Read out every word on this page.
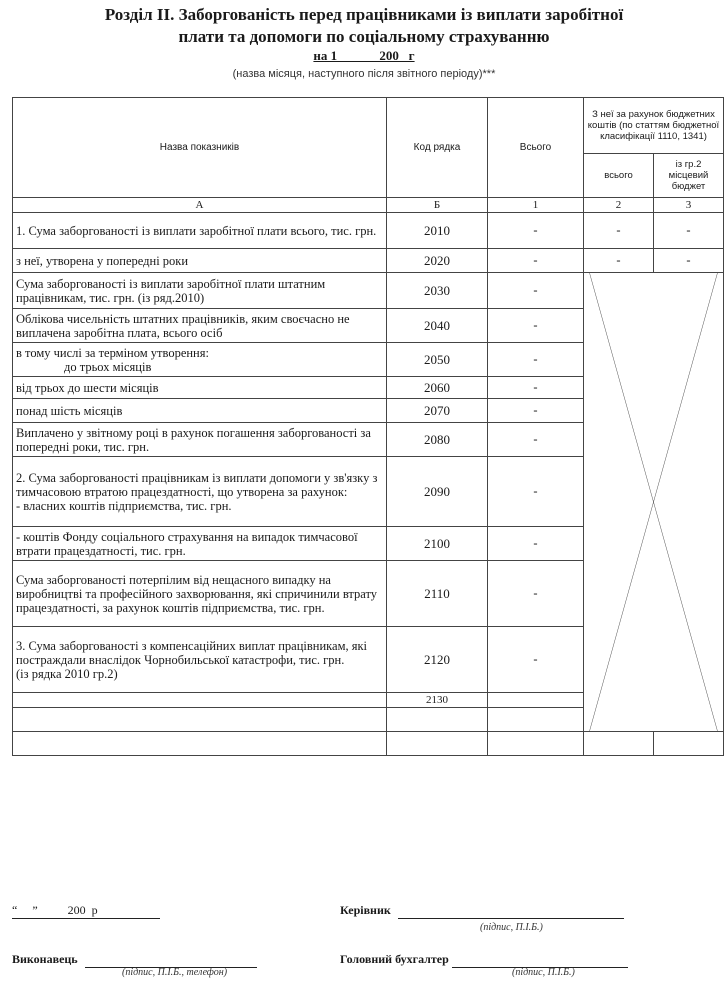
Розділ II. Заборгованість перед працівниками із виплати заробітної
плати та допомоги по соціальному страхуванню
на 1 ______200 _г
(назва місяця, наступного після звітного періоду)***
Назва показників	Код рядка	Всього	З неї за рахунок бюджетних коштів (по статтям бюджетної класифікації 1110, 1341)		
			всього	із гр.2 місцевий бюджет	
А	Б	1	2	3	
1. Сума заборгованості із виплати заробітної плати всього, тис. грн.	2010	-	-	-	
з неї, утворена у попередні роки	2020	-	-	-	
Сума заборгованості із виплати заробітної плати штатним працівникам, тис. грн. (із ряд.2010)	2030	-	

Облікова чисельність штатних працівників, яким своєчасно не виплачена заробітна плата, всього осіб	2040	-			

в тому числі за терміном утворення:
до трьох місяців	2050	-			
від трьох до шести місяців	2060	-			
понад шість місяців	2070	-			
Виплачено у звітному році в рахунок погашення заборгованості за попередні роки, тис. грн.	2080	-			

2. Сума заборгованості працівникам із виплати допомоги у зв'язку з тимчасовою втратою працездатності, що утворена за рахунок:
- власних коштів підприємства, тис. грн.	2090	-			
- коштів Фонду соціального страхування на випадок тимчасової втрати працездатності, тис. грн.	2100	-			
Сума заборгованості потерпілим від нещасного випадку на виробництві та професійного захворювання, які спричинили втрату працездатності, за рахунок коштів підприємства, тис. грн.	2110	-			

3. Сума заборгованості з компенсаційних виплат працівникам, які постраждали внаслідок Чорнобильської катастрофи, тис. грн.
(із рядка 2010 гр.2)	2120	-			
	2130				

“     ”          200  р	Керівник
(підпис, П.І.Б.)
Виконавець
(підпис, П.І.Б., телефон)
Головний бухгалтер
(підпис, П.І.Б.)
